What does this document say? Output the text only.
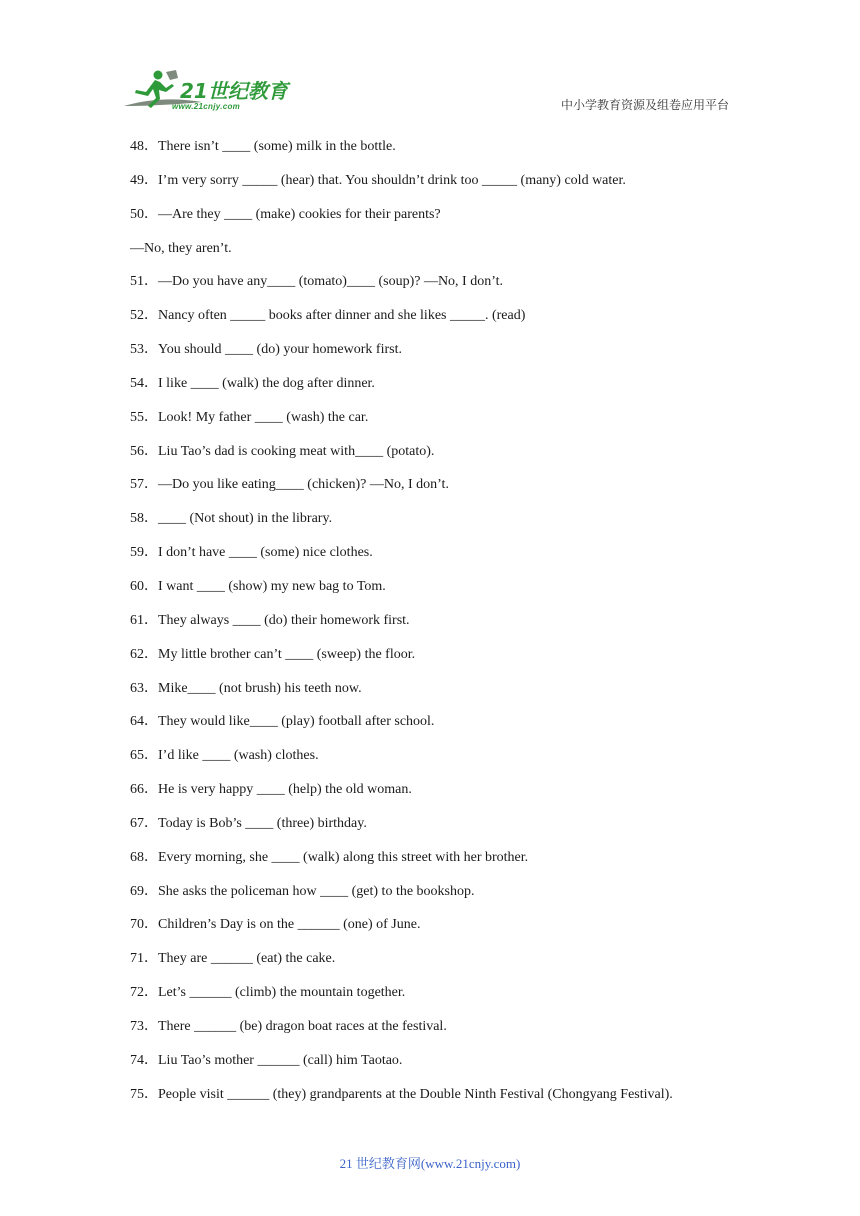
21世纪教育
www.21cnjy.com	中小学教育资源及组卷应用平台
48．There isn’t ____ (some) milk in the bottle.
49．I’m very sorry _____ (hear) that. You shouldn’t drink too _____ (many) cold water.
50．—Are they ____ (make) cookies for their parents?
—No, they aren’t.
51．—Do you have any____ (tomato)____ (soup)? —No, I don’t.
52．Nancy often _____ books after dinner and she likes _____. (read)
53．You should ____ (do) your homework first.
54．I like ____ (walk) the dog after dinner.
55．Look! My father ____ (wash) the car.
56．Liu Tao’s dad is cooking meat with____ (potato).
57．—Do you like eating____ (chicken)? —No, I don’t.
58．____ (Not shout) in the library.
59．I don’t have ____ (some) nice clothes.
60．I want ____ (show) my new bag to Tom.
61．They always ____ (do) their homework first.
62．My little brother can’t ____ (sweep) the floor.
63．Mike____ (not brush) his teeth now.
64．They would like____ (play) football after school.
65．I’d like ____ (wash) clothes.
66．He is very happy ____ (help) the old woman.
67．Today is Bob’s ____ (three) birthday.
68．Every morning, she ____ (walk) along this street with her brother.
69．She asks the policeman how ____ (get) to the bookshop.
70．Children’s Day is on the ______ (one) of June.
71．They are ______ (eat) the cake.
72．Let’s ______ (climb) the mountain together.
73．There ______ (be) dragon boat races at the festival.
74．Liu Tao’s mother ______ (call) him Taotao.
75．People visit ______ (they) grandparents at the Double Ninth Festival (Chongyang Festival).
21 世纪教育网(www.21cnjy.com)
